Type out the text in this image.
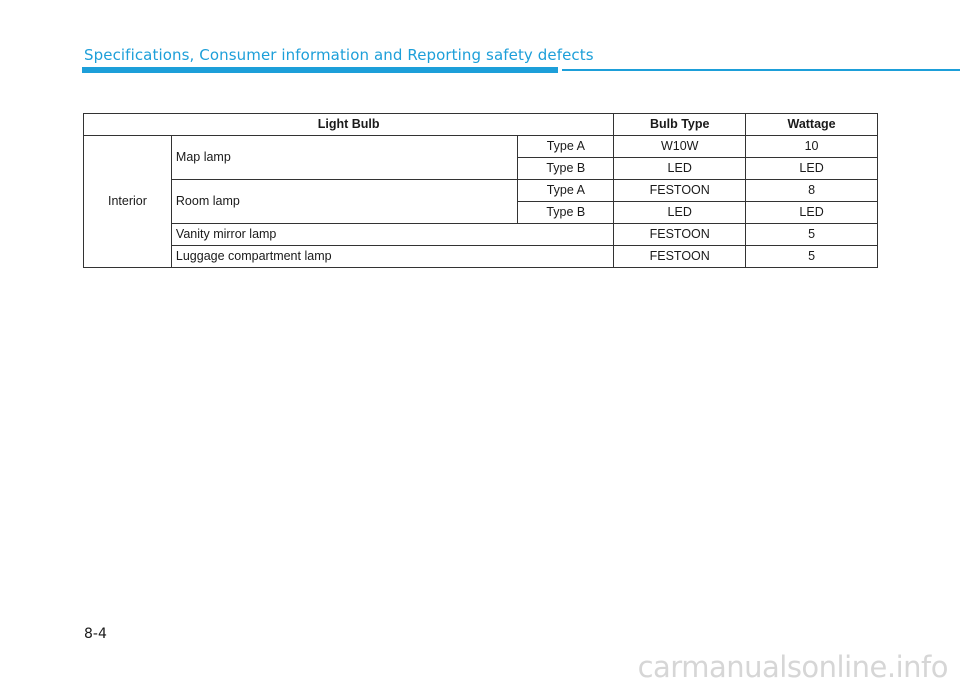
Specifications, Consumer information and Reporting safety defects
Light Bulb			Bulb Type	Wattage
Interior	Map lamp	Type A	W10W	10
		Type B	LED	LED
	Room lamp	Type A	FESTOON	8
		Type B	LED	LED
	Vanity mirror lamp		FESTOON	5
	Luggage compartment lamp		FESTOON	5
8-4
carmanualsonline.info
